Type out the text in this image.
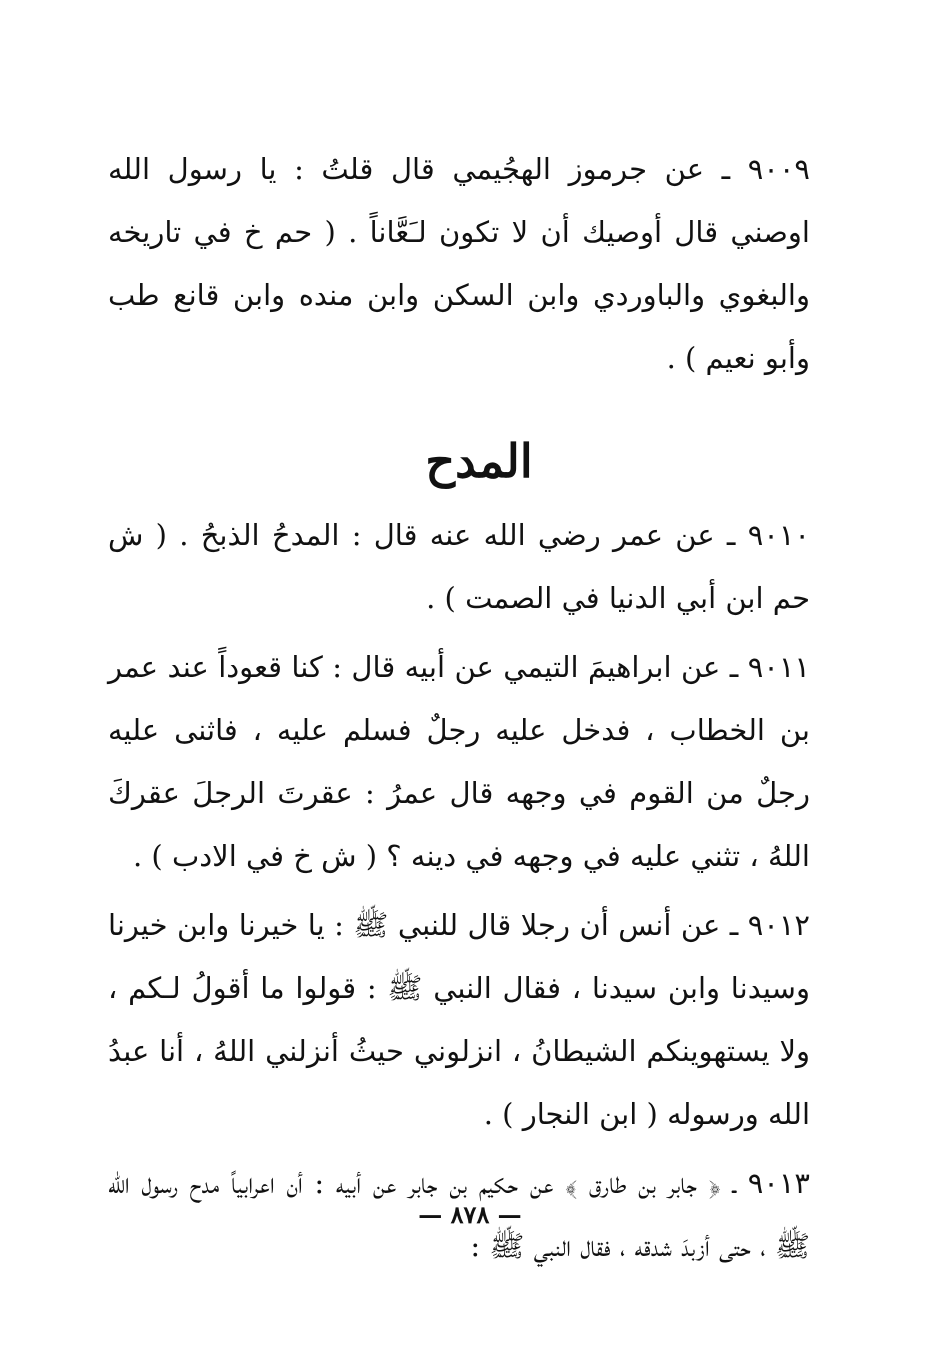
٩٠٠٩ ـ عن جرموز الهجُيمي قال قلتُ : يا رسول الله اوصني قال أوصيك أن لا تكون لـَعَّاناً . ( حم خ في تاريخه والبغوي والباوردي وابن السكن وابن منده وابن قانع طب وأبو نعيم ) .

المدح

٩٠١٠ ـ عن عمر رضي الله عنه قال : المدحُ الذبحُ . ( ش حم ابن أبي الدنيا في الصمت ) .

٩٠١١ ـ عن ابراهيمَ التيمي عن أبيه قال : كنا قعوداً عند عمر بن الخطاب ، فدخل عليه رجلٌ فسلم عليه ، فاثنى عليه رجلٌ من القوم في وجهه قال عمرُ : عقرتَ الرجلَ عقركَ اللهُ ، تثني عليه في وجهه في دينه ؟ ( ش خ في الادب ) .

٩٠١٢ ـ عن أنس أن رجلا قال للنبي ﷺ : يا خيرنا وابن خيرنا وسيدنا وابن سيدنا ، فقال النبي ﷺ : قولوا ما أقولُ لـكم ، ولا يستهوينكم الشيطانُ ، انزلوني حيثُ أنزلني اللهُ ، أنا عبدُ الله ورسوله ( ابن النجار ) .

٩٠١٣ ـ ﴿ جابر بن طارق ﴾ عن حكيم بن جابر عن أبيه : أن اعرابياً مدح رسول الله ﷺ ، حتى أزبدَ شدقه ، فقال النبي ﷺ :

— ٨٧٨ —
